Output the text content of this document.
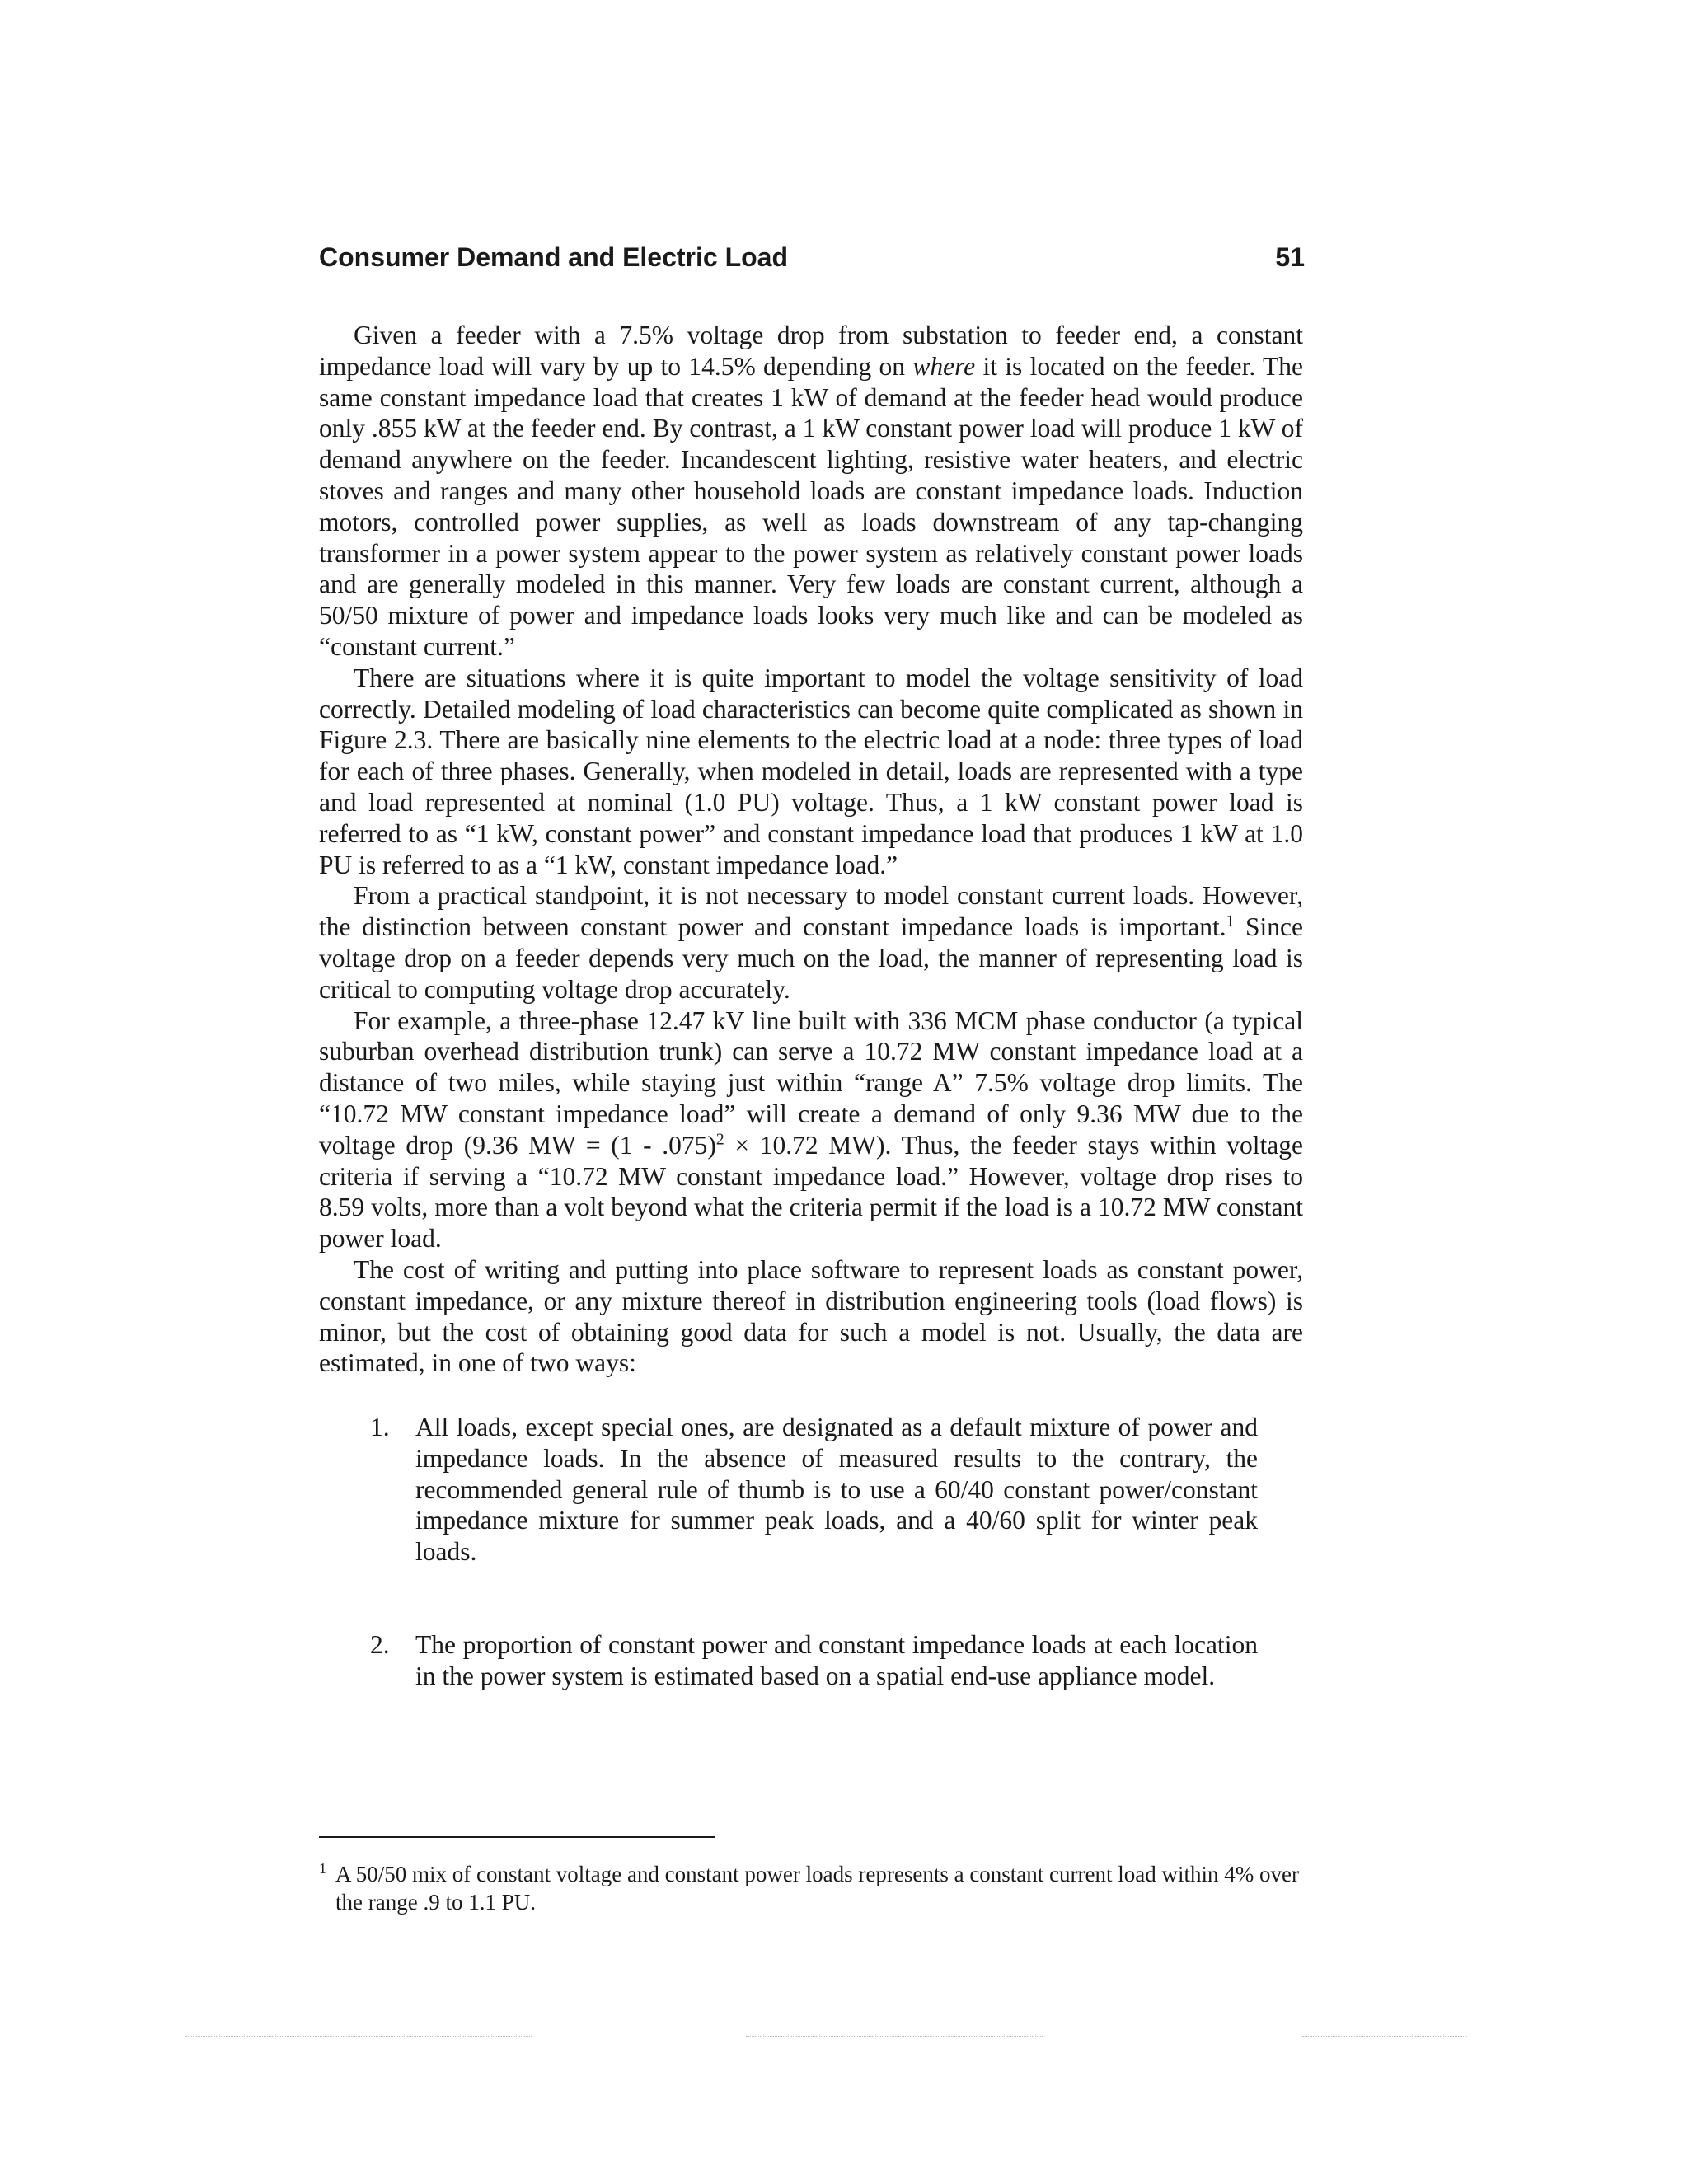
Consumer Demand and Electric Load	51

Given a feeder with a 7.5% voltage drop from substation to feeder end, a constant impedance load will vary by up to 14.5% depending on where it is located on the feeder. The same constant impedance load that creates 1 kW of demand at the feeder head would produce only .855 kW at the feeder end. By contrast, a 1 kW constant power load will produce 1 kW of demand anywhere on the feeder. Incandescent lighting, resistive water heaters, and electric stoves and ranges and many other household loads are constant impedance loads. Induction motors, controlled power supplies, as well as loads downstream of any tap-changing transformer in a power system appear to the power system as relatively constant power loads and are generally modeled in this manner. Very few loads are constant current, although a 50/50 mixture of power and impedance loads looks very much like and can be modeled as “constant current.”

There are situations where it is quite important to model the voltage sensitivity of load correctly. Detailed modeling of load characteristics can become quite complicated as shown in Figure 2.3. There are basically nine elements to the electric load at a node: three types of load for each of three phases. Generally, when modeled in detail, loads are represented with a type and load represented at nominal (1.0 PU) voltage. Thus, a 1 kW constant power load is referred to as “1 kW, constant power” and constant impedance load that produces 1 kW at 1.0 PU is referred to as a “1 kW, constant impedance load.”

From a practical standpoint, it is not necessary to model constant current loads. However, the distinction between constant power and constant impedance loads is important.$^1$ Since voltage drop on a feeder depends very much on the load, the manner of representing load is critical to computing voltage drop accurately.

For example, a three-phase 12.47 kV line built with 336 MCM phase conductor (a typical suburban overhead distribution trunk) can serve a 10.72 MW constant impedance load at a distance of two miles, while staying just within “range A” 7.5% voltage drop limits. The “10.72 MW constant impedance load” will create a demand of only 9.36 MW due to the voltage drop (9.36 MW = (1 - .075)$^2$ × 10.72 MW). Thus, the feeder stays within voltage criteria if serving a “10.72 MW constant impedance load.” However, voltage drop rises to 8.59 volts, more than a volt beyond what the criteria permit if the load is a 10.72 MW constant power load.

The cost of writing and putting into place software to represent loads as constant power, constant impedance, or any mixture thereof in distribution engineering tools (load flows) is minor, but the cost of obtaining good data for such a model is not. Usually, the data are estimated, in one of two ways:

1. All loads, except special ones, are designated as a default mixture of power and impedance loads. In the absence of measured results to the contrary, the recommended general rule of thumb is to use a 60/40 constant power/constant impedance mixture for summer peak loads, and a 40/60 split for winter peak loads.
2. The proportion of constant power and constant impedance loads at each location in the power system is estimated based on a spatial end-use appliance model.
1 A 50/50 mix of constant voltage and constant power loads represents a constant current load within 4% over the range .9 to 1.1 PU.
